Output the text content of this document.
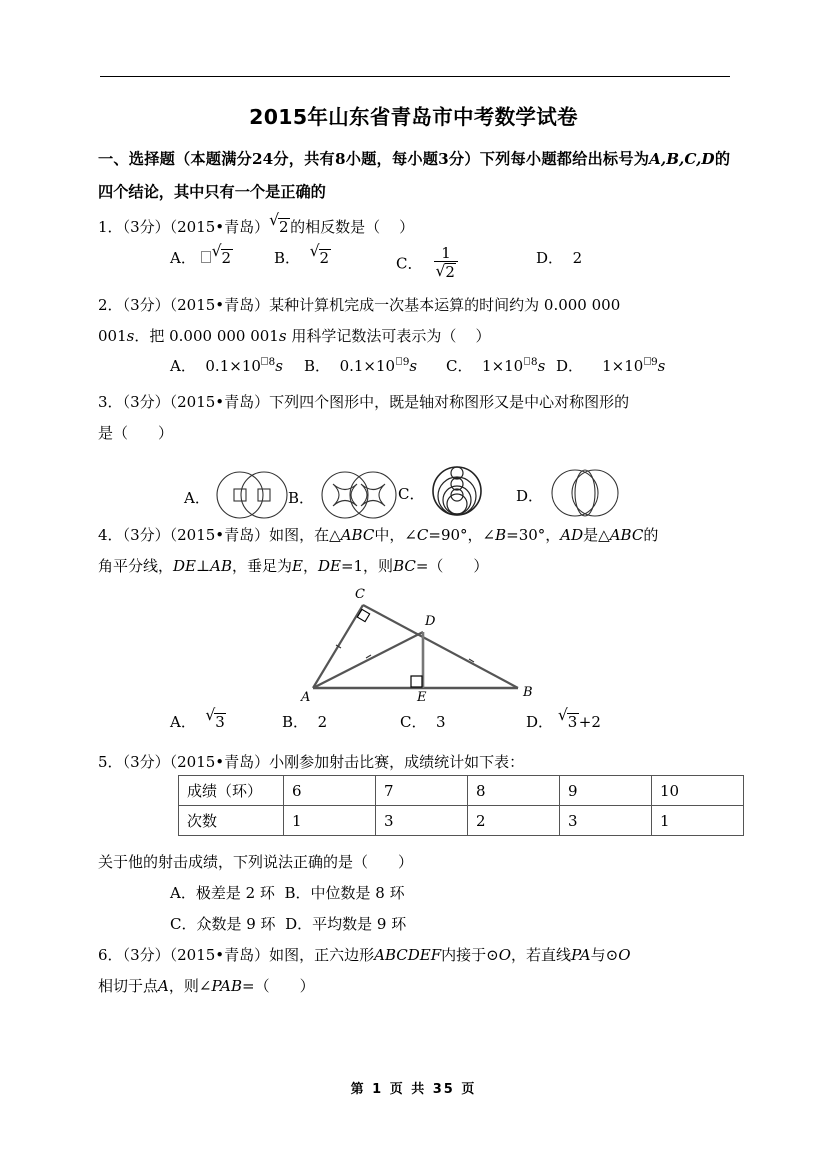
2015年山东省青岛市中考数学试卷
一、选择题（本题满分24分，共有8小题，每小题3分）下列每小题都给出标号为A,B,C,D的四个结论，其中只有一个是正确的
1．（3分）（2015•青岛） √ 2 的相反数是（ ）
A． √ 2	B． √ 2	C． $\frac{1}{√ 2}$	D． 2
2．（3分）（2015•青岛）某种计算机完成一次基本运算的时间约为 0.000 000
001s．把 0.000 000 001s 用科学记数法可表示为（ ）
A． 0.1×10 $^8$s B． 0.1×10 $^9$s C． 1×10 $^8$s D． 1×10 $^9$s
3．（3分）（2015•青岛）下列四个图形中，既是轴对称图形又是中心对称图形的
是（　　）
A．	B．	C．	D．
4．（3分）（2015•青岛）如图，在△ABC中，∠C=90°，∠B=30°，AD是△ABC的
角平分线，DE⊥AB，垂足为E，DE=1，则BC=（　　）
C
D
A	E	B
A． √ 3	B． 2	C． 3	D． √ 3 +2
5．（3分）（2015•青岛）小刚参加射击比赛，成绩统计如下表：
成绩（环）	6	7	8	9	10
次数	1	3	2	3	1
关于他的射击成绩，下列说法正确的是（　　）
A．极差是 2 环 B．中位数是 8 环
C．众数是 9 环 D．平均数是 9 环
6．（3分）（2015•青岛）如图，正六边形ABCDEF内接于⊙O，若直线PA与⊙O
相切于点A，则∠PAB=（　　）
第 1 页 共 35 页
